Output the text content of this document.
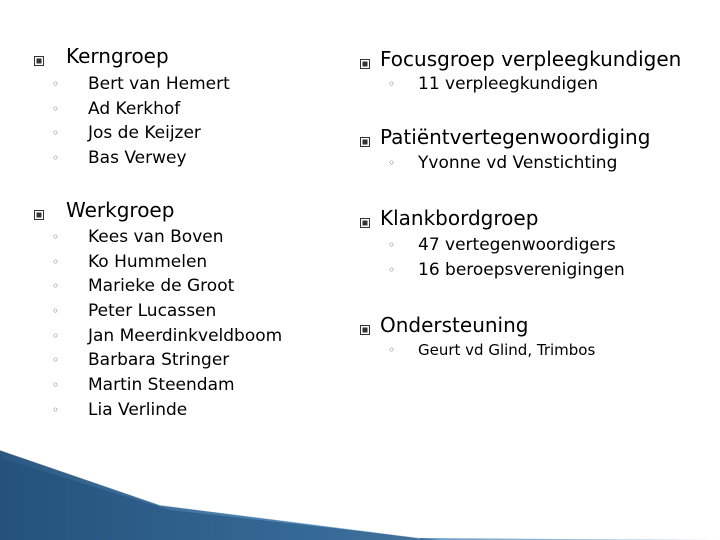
Kerngroep
◦ Bert van Hemert
◦ Ad Kerkhof
◦ Jos de Keijzer
◦ Bas Verwey
Werkgroep
◦ Kees van Boven
◦ Ko Hummelen
◦ Marieke de Groot
◦ Peter Lucassen
◦ Jan Meerdinkveldboom
◦ Barbara Stringer
◦ Martin Steendam
◦ Lia Verlinde
Focusgroep verpleegkundigen
◦ 11 verpleegkundigen
Patiëntvertegenwoordiging
◦ Yvonne vd Venstichting
Klankbordgroep
◦ 47 vertegenwoordigers
◦ 16 beroepsverenigingen
Ondersteuning
◦ Geurt vd Glind, Trimbos
